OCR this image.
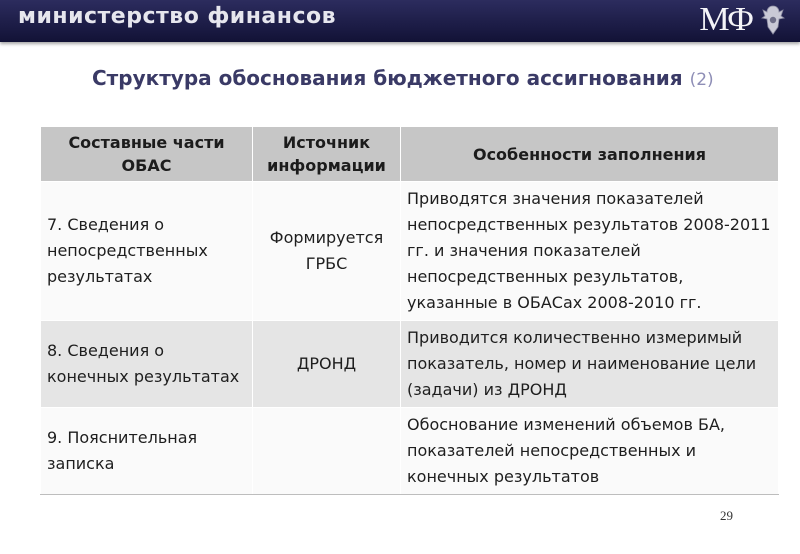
министерство финансов	МФ
Структура обоснования бюджетного ассигнования (2)
Составные части ОБАС	Источник информации	Особенности заполнения
7. Сведения о непосредственных результатах	Формируется ГРБС	Приводятся значения показателей непосредственных результатов 2008-2011 гг. и значения показателей непосредственных результатов, указанные в ОБАСах 2008-2010 гг.
8. Сведения о конечных результатах	ДРОНД	Приводится количественно измеримый показатель, номер и наименование цели (задачи) из ДРОНД
9. Пояснительная записка		Обоснование изменений объемов БА, показателей непосредственных и конечных результатов
29
